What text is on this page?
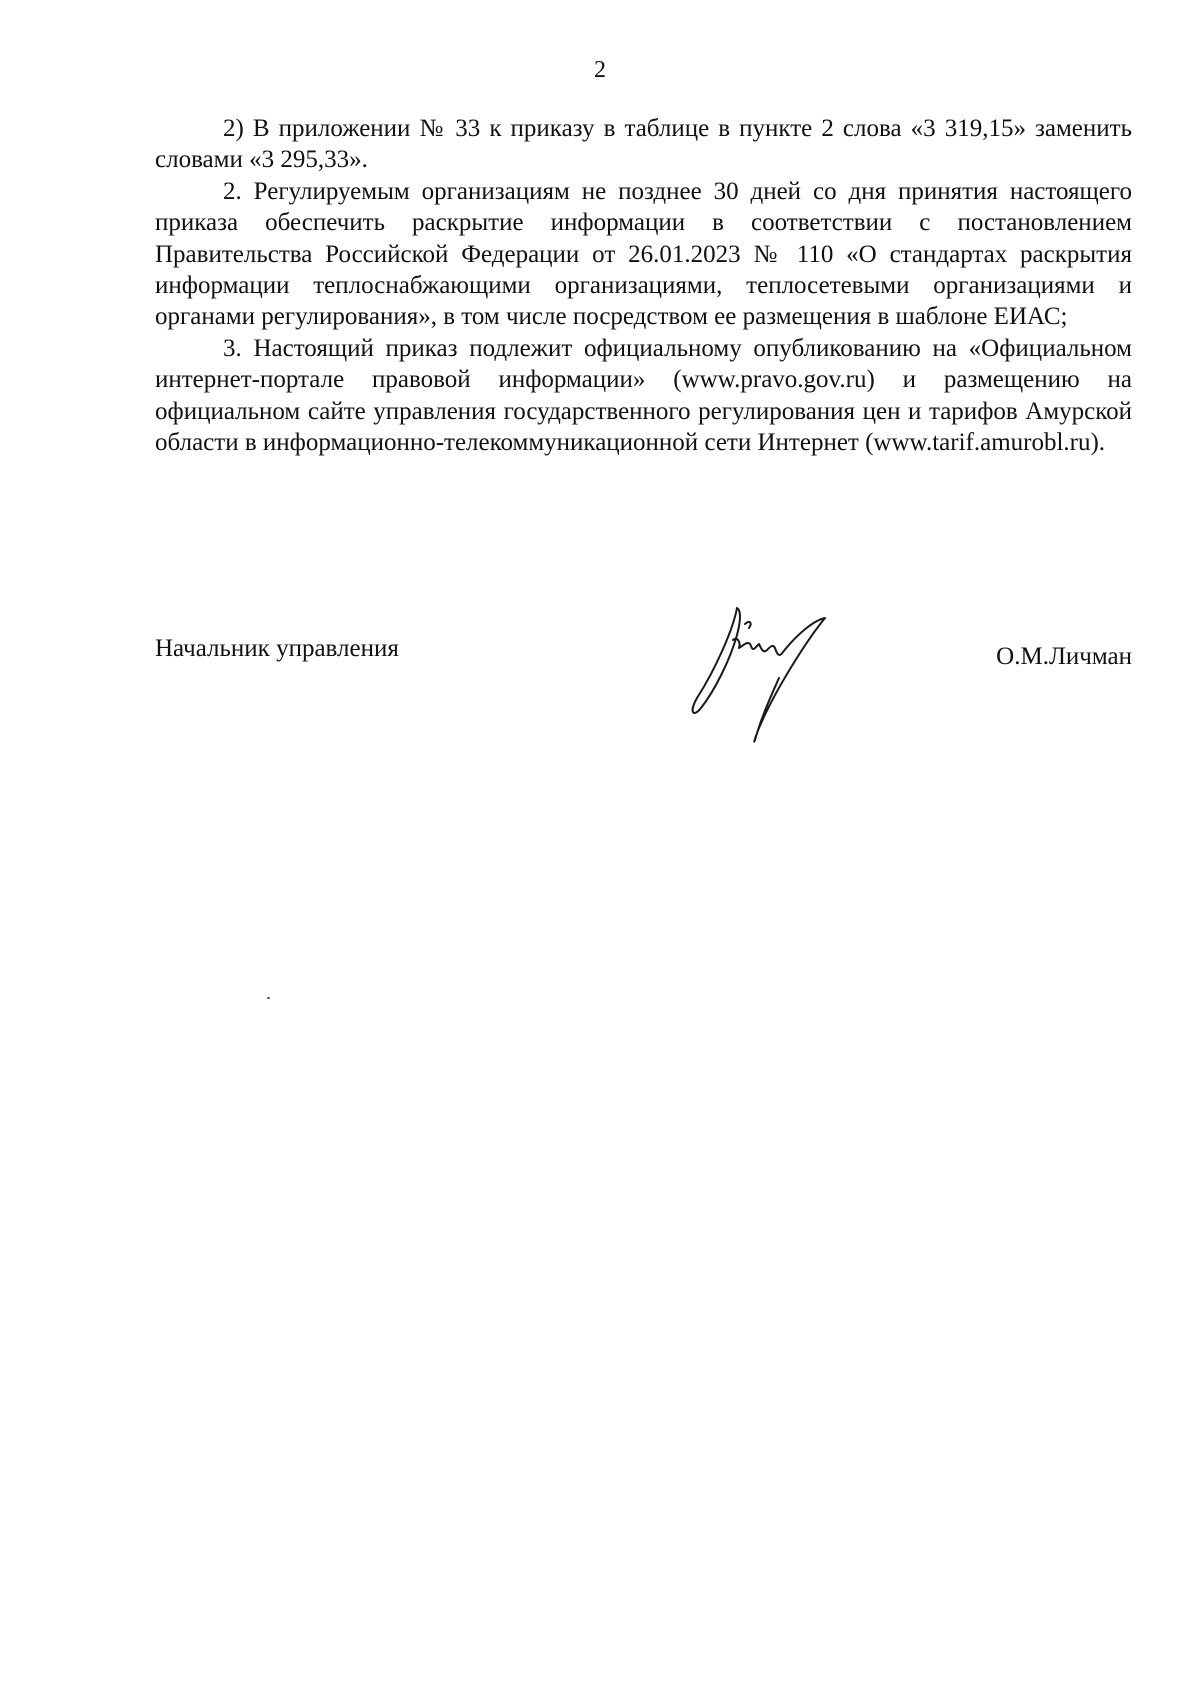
2

2) В приложении № 33 к приказу в таблице в пункте 2 слова «3 319,15» заменить словами «3 295,33».

2. Регулируемым организациям не позднее 30 дней со дня принятия настоящего приказа обеспечить раскрытие информации в соответствии с постановлением Правительства Российской Федерации от 26.01.2023 № 110 «О стандартах раскрытия информации теплоснабжающими организациями, теплосетевыми организациями и органами регулирования», в том числе посредством ее размещения в шаблоне ЕИАС;

3. Настоящий приказ подлежит официальному опубликованию на «Официальном интернет-портале правовой информации» (www.pravo.gov.ru) и размещению на официальном сайте управления государственного регулирования цен и тарифов Амурской области в информационно-телекоммуникационной сети Интернет (www.tarif.amurobl.ru).

Начальник управления	О.М.Личман
